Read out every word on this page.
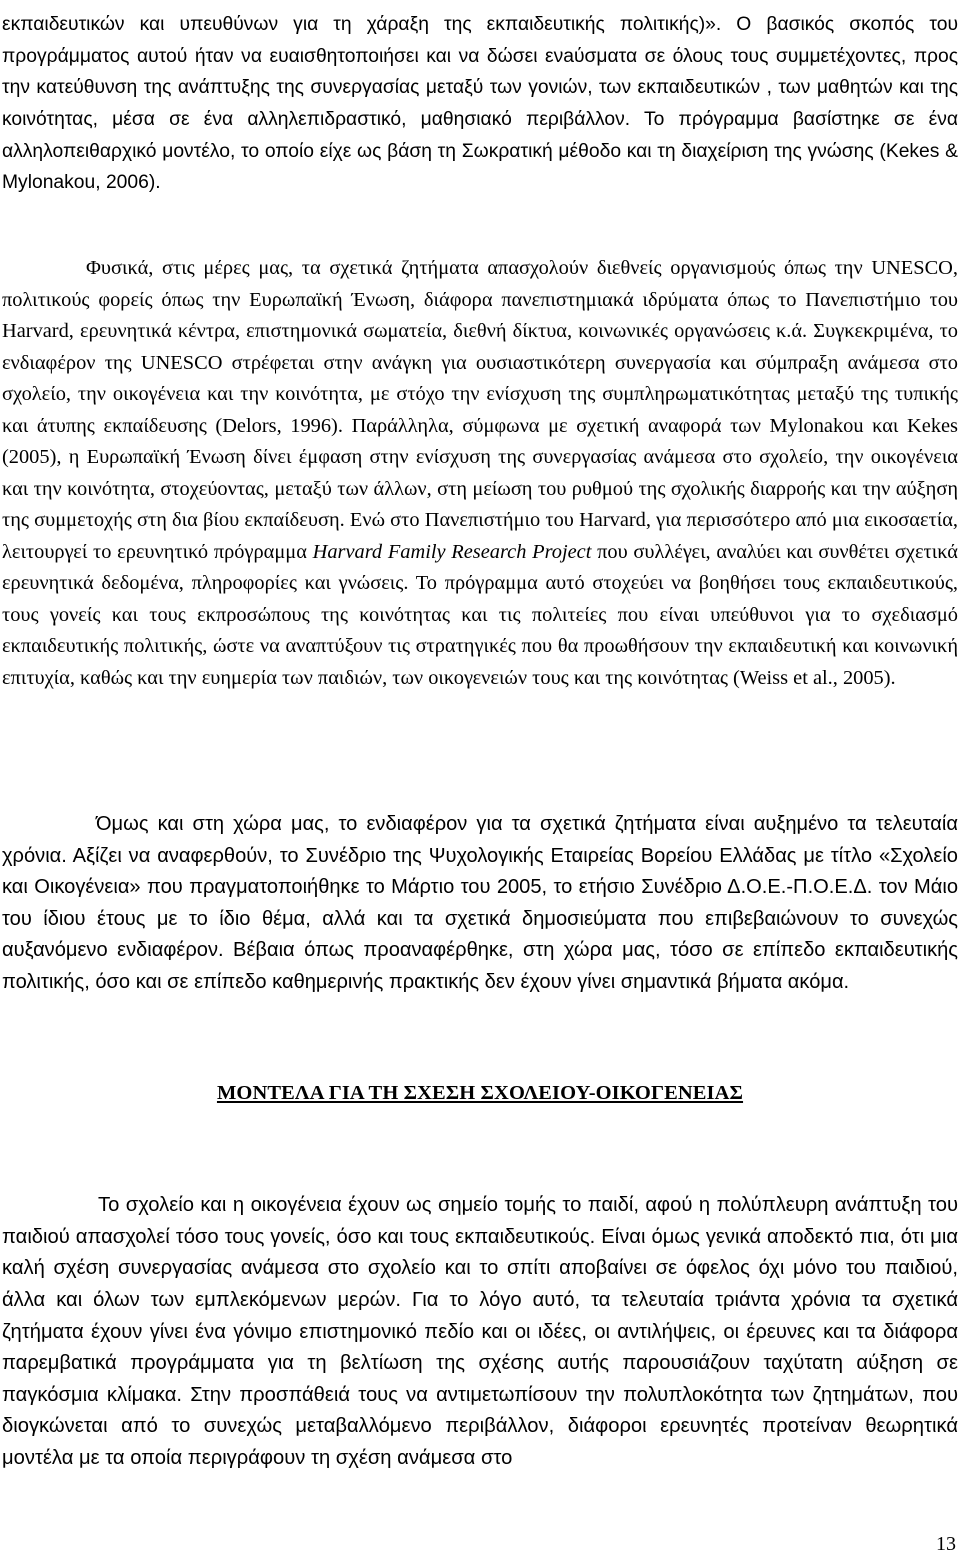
εκπαιδευτικών και υπευθύνων για τη χάραξη της εκπαιδευτικής πολιτικής)». Ο βασικός σκοπός του προγράμματος αυτού ήταν να ευαισθητοποιήσει και να δώσει ενaύσματα σε όλους τους συμμετέχοντες, προς την κατεύθυνση της ανάπτυξης της συνεργασίας μεταξύ των γονιών, των εκπαιδευτικών , των μαθητών και της κοινότητας, μέσα σε ένα αλληλεπιδραστικό, μαθησιακό περιβάλλον. Το πρόγραμμα βασίστηκε σε ένα αλληλοπειθαρχικό μοντέλο, το οποίο είχε ως βάση τη Σωκρατική μέθοδο και τη διαχείριση της γνώσης (Kekes & Mylonakou, 2006).

Φυσικά, στις μέρες μας, τα σχετικά ζητήματα απασχολούν διεθνείς οργανισμούς όπως την UNESCO, πολιτικούς φορείς όπως την Ευρωπαϊκή Ένωση, διάφορα πανεπιστημιακά ιδρύματα όπως το Πανεπιστήμιο του Harvard, ερευνητικά κέντρα, επιστημονικά σωματεία, διεθνή δίκτυα, κοινωνικές οργανώσεις κ.ά. Συγκεκριμένα, το ενδιαφέρον της UNESCO στρέφεται στην ανάγκη για ουσιαστικότερη συνεργασία και σύμπραξη ανάμεσα στο σχολείο, την οικογένεια και την κοινότητα, με στόχο την ενίσχυση της συμπληρωματικότητας μεταξύ της τυπικής και άτυπης εκπαίδευσης (Delors, 1996). Παράλληλα, σύμφωνα με σχετική αναφορά των Mylonakou και Kekes (2005), η Ευρωπαϊκή Ένωση δίνει έμφαση στην ενίσχυση της συνεργασίας ανάμεσα στο σχολείο, την οικογένεια και την κοινότητα, στοχεύοντας, μεταξύ των άλλων, στη μείωση του ρυθμού της σχολικής διαρροής και την αύξηση της συμμετοχής στη δια βίου εκπαίδευση. Ενώ στο Πανεπιστήμιο του Harvard, για περισσότερο από μια εικοσαετία, λειτουργεί το ερευνητικό πρόγραμμα Harvard Family Research Project που συλλέγει, αναλύει και συνθέτει σχετικά ερευνητικά δεδομένα, πληροφορίες και γνώσεις. Το πρόγραμμα αυτό στοχεύει να βοηθήσει τους εκπαιδευτικούς, τους γονείς και τους εκπροσώπους της κοινότητας και τις πολιτείες που είναι υπεύθυνοι για το σχεδιασμό εκπαιδευτικής πολιτικής, ώστε να αναπτύξουν τις στρατηγικές που θα προωθήσουν την εκπαιδευτική και κοινωνική επιτυχία, καθώς και την ευημερία των παιδιών, των οικογενειών τους και της κοινότητας (Weiss et al., 2005).

Όμως και στη χώρα μας, το ενδιαφέρον για τα σχετικά ζητήματα είναι αυξημένο τα τελευταία χρόνια. Αξίζει να αναφερθούν, το Συνέδριο της Ψυχολογικής Εταιρείας Βορείου Ελλάδας με τίτλο «Σχολείο και Οικογένεια» που πραγματοποιήθηκε το Μάρτιο του 2005, το ετήσιο Συνέδριο Δ.Ο.Ε.-Π.Ο.Ε.Δ. τον Μάιο του ίδιου έτους με το ίδιο θέμα, αλλά και τα σχετικά δημοσιεύματα που επιβεβαιώνουν το συνεχώς αυξανόμενο ενδιαφέρον. Βέβαια όπως προαναφέρθηκε, στη χώρα μας, τόσο σε επίπεδο εκπαιδευτικής πολιτικής, όσο και σε επίπεδο καθημερινής πρακτικής δεν έχουν γίνει σημαντικά βήματα ακόμα.

ΜΟΝΤΕΛΑ ΓΙΑ ΤΗ ΣΧΕΣΗ ΣΧΟΛΕΙΟΥ-ΟΙΚΟΓΕΝΕΙΑΣ

Το σχολείο και η οικογένεια έχουν ως σημείο τομής το παιδί, αφού η πολύπλευρη ανάπτυξη του παιδιού απασχολεί τόσο τους γονείς, όσο και τους εκπαιδευτικούς. Είναι όμως γενικά αποδεκτό πια, ότι μια καλή σχέση συνεργασίας ανάμεσα στο σχολείο και το σπίτι αποβαίνει σε όφελος όχι μόνο του παιδιού, άλλα και όλων των εμπλεκόμενων μερών. Για το λόγο αυτό, τα τελευταία τριάντα χρόνια τα σχετικά ζητήματα έχουν γίνει ένα γόνιμο επιστημονικό πεδίο και οι ιδέες, οι αντιλήψεις, οι έρευνες και τα διάφορα παρεμβατικά προγράμματα για τη βελτίωση της σχέσης αυτής παρουσιάζουν ταχύτατη αύξηση σε παγκόσμια κλίμακα. Στην προσπάθειά τους να αντιμετωπίσουν την πολυπλοκότητα των ζητημάτων, που διογκώνεται από το συνεχώς μεταβαλλόμενο περιβάλλον, διάφοροι ερευνητές προτείναν θεωρητικά μοντέλα με τα οποία περιγράφουν τη σχέση ανάμεσα στο

13
